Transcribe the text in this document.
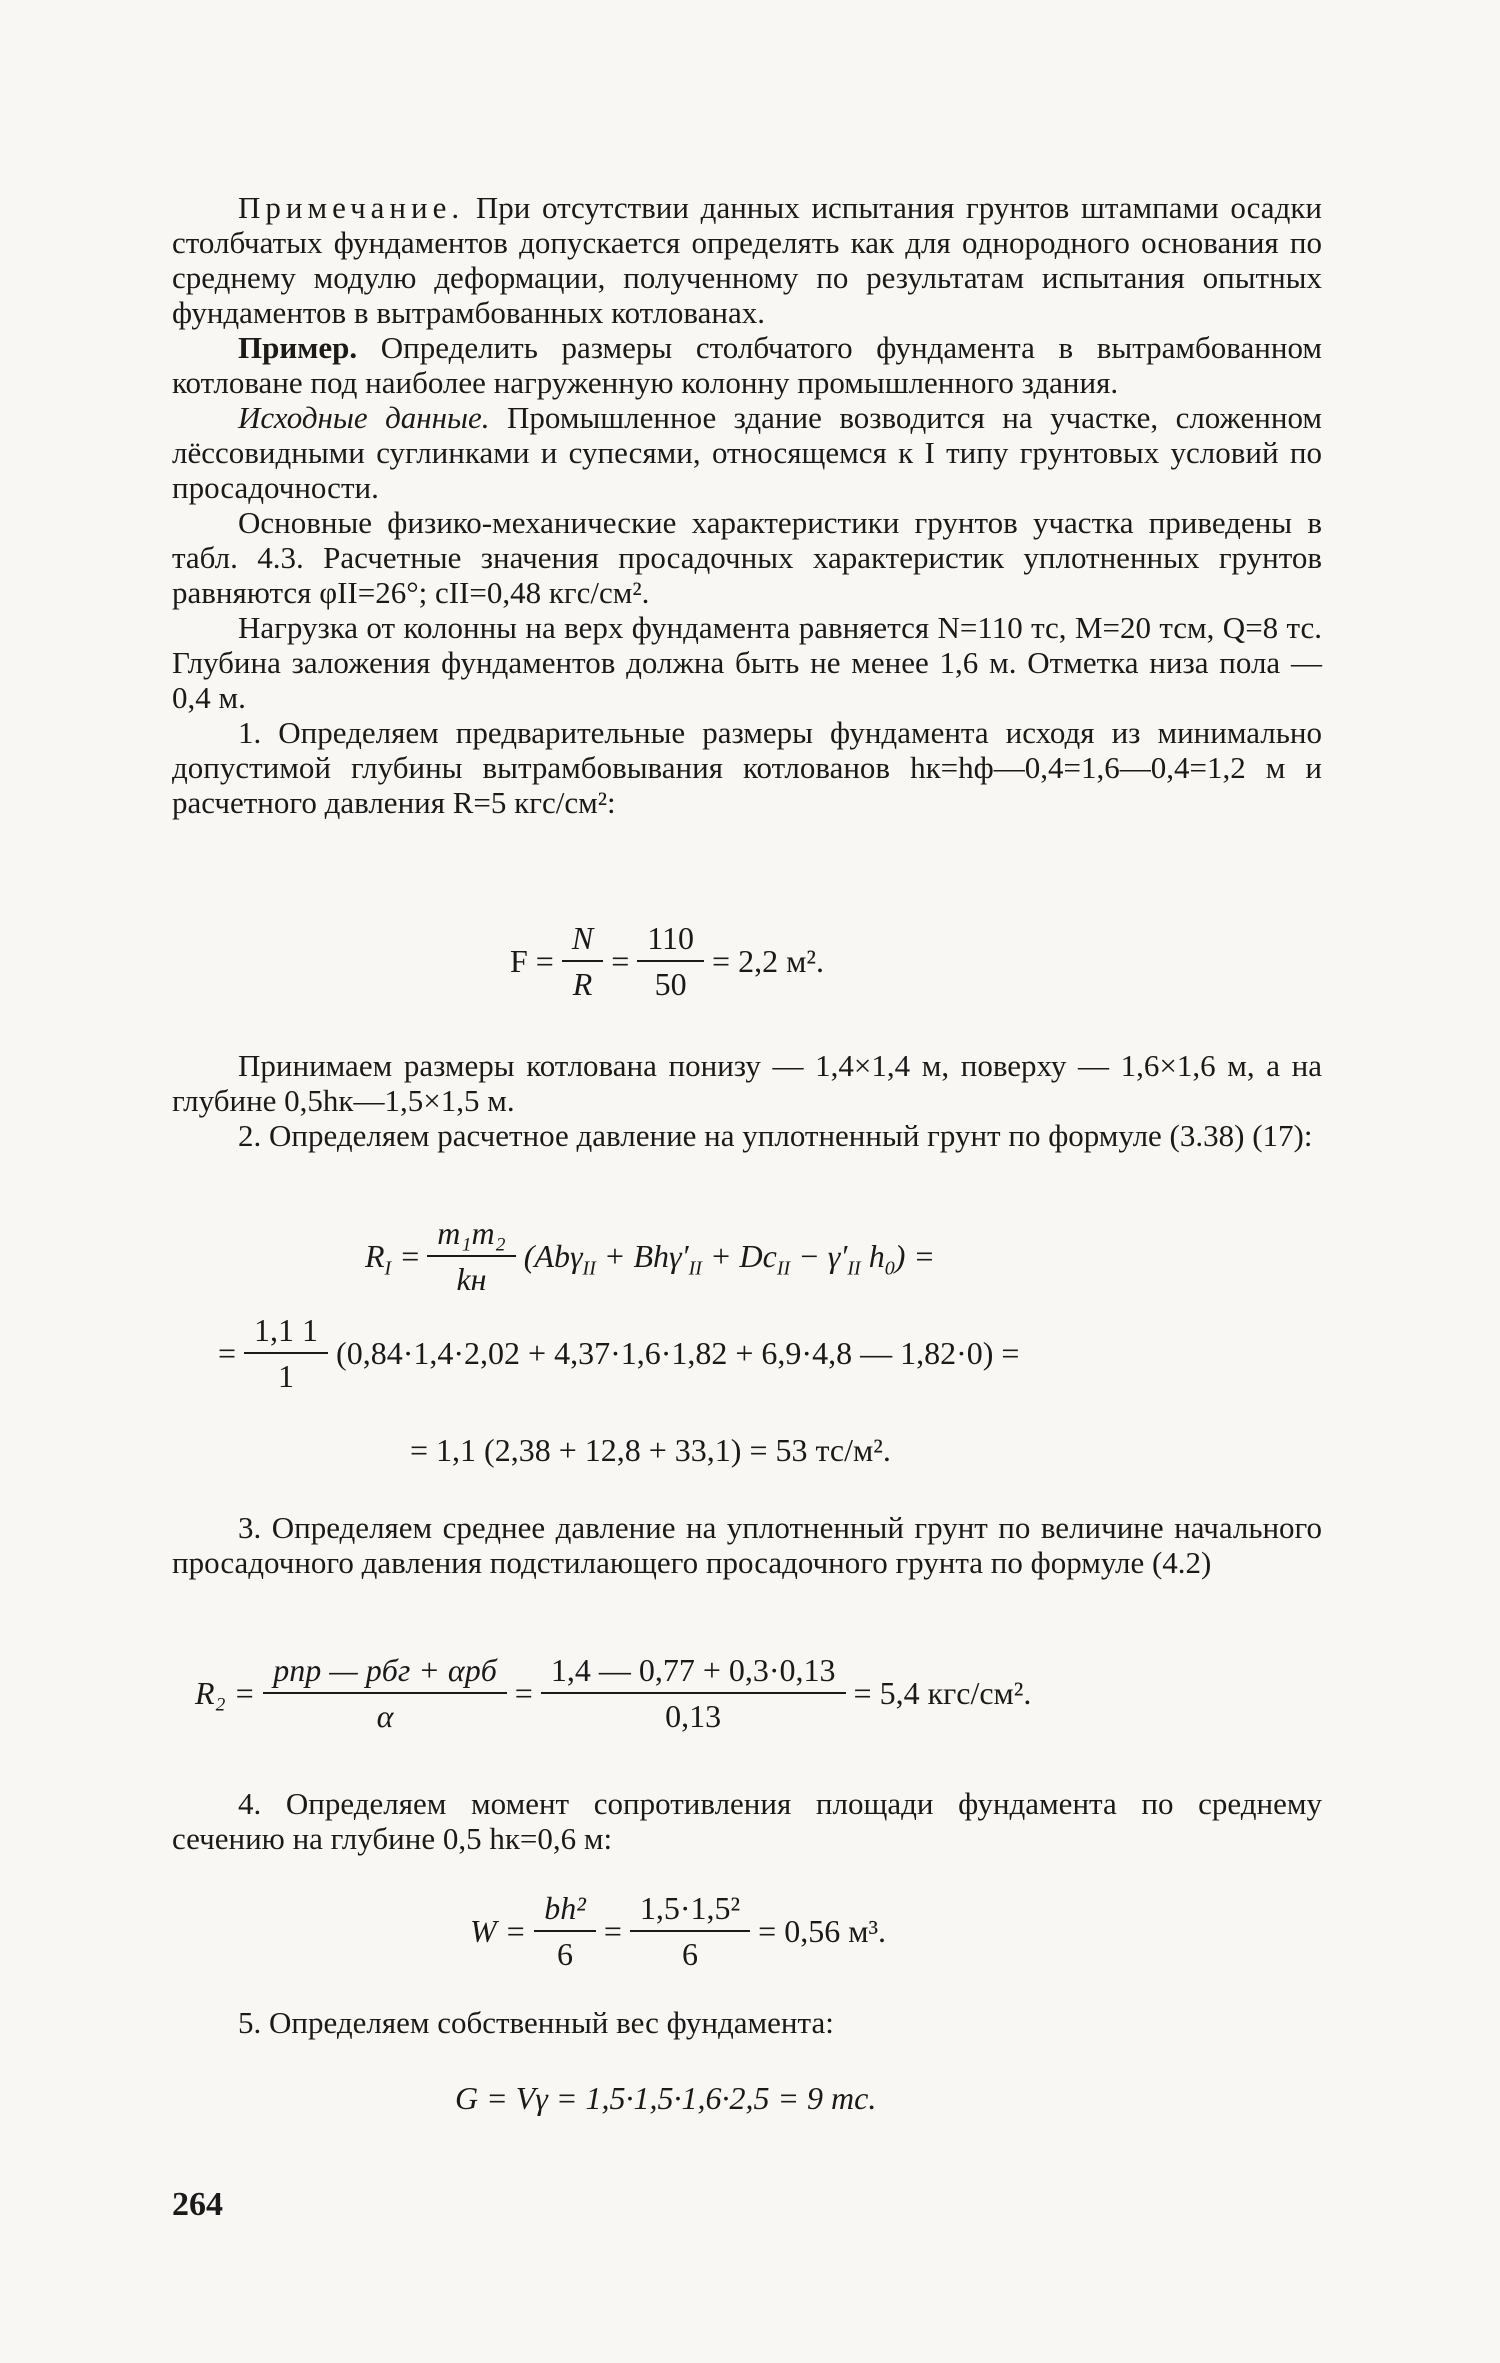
Примечание. При отсутствии данных испытания грунтов штампами осадки столбчатых фундаментов допускается определять как для однородного основания по среднему модулю деформации, полученному по результатам испытания опытных фундаментов в вытрамбованных котлованах.

Пример. Определить размеры столбчатого фундамента в вытрамбованном котловане под наиболее нагруженную колонну промышленного здания.

Исходные данные. Промышленное здание возводится на участке, сложенном лёссовидными суглинками и супесями, относящемся к I типу грунтовых условий по просадочности.

Основные физико-механические характеристики грунтов участка приведены в табл. 4.3. Расчетные значения просадочных характеристик уплотненных грунтов равняются φII=26°; cII=0,48 кгс/см².

Нагрузка от колонны на верх фундамента равняется N=110 тс, M=20 тсм, Q=8 тс. Глубина заложения фундаментов должна быть не менее 1,6 м. Отметка низа пола — 0,4 м.

1. Определяем предварительные размеры фундамента исходя из минимально допустимой глубины вытрамбовывания котлованов hк=hф—0,4=1,6—0,4=1,2 м и расчетного давления R=5 кгс/см²:

$F = \frac{N}{R} = \frac{110}{50} = 2,2$ м².

Принимаем размеры котлована понизу — 1,4×1,4 м, поверху — 1,6×1,6 м, а на глубине 0,5hк—1,5×1,5 м.

2. Определяем расчетное давление на уплотненный грунт по формуле (3.38) (17):

$R_I = \frac{\text{m₁m₂}}{kн} (Ab\gamma_{II} + Bh\gamma'_{II} + Dc_{II} - \gamma'_{II}$ $h_0$) =
= $\frac{1,1 1}{1} (0,84\cdot 1,4\cdot 2,02 + 4,37\cdot 1,6\cdot 1,82 + 6,9\cdot 4,8$ — 1,82·0) =
= 1,1 (2,38 + 12,8 + 33,1) = 53 тс/м².

3. Определяем среднее давление на уплотненный грунт по величине начального просадочного давления подстилающего просадочного грунта по формуле (4.2)

$R_2 = \frac{\text{pпр — pбг + αpб}}{\alpha} = \frac{1,4 — 0,77 + 0,3\cdot 0,13}{0,13} = 5,4$ кгс/см².

4. Определяем момент сопротивления площади фундамента по среднему сечению на глубине 0,5 hк=0,6 м:

$W = \frac{\text{bh²}}{6} = \frac{\text{1,5·1,5²}}{6} = 0,56$ м³.

5. Определяем собственный вес фундамента:

G = Vγ = 1,5·1,5·1,6·2,5 = 9 тс.
264
